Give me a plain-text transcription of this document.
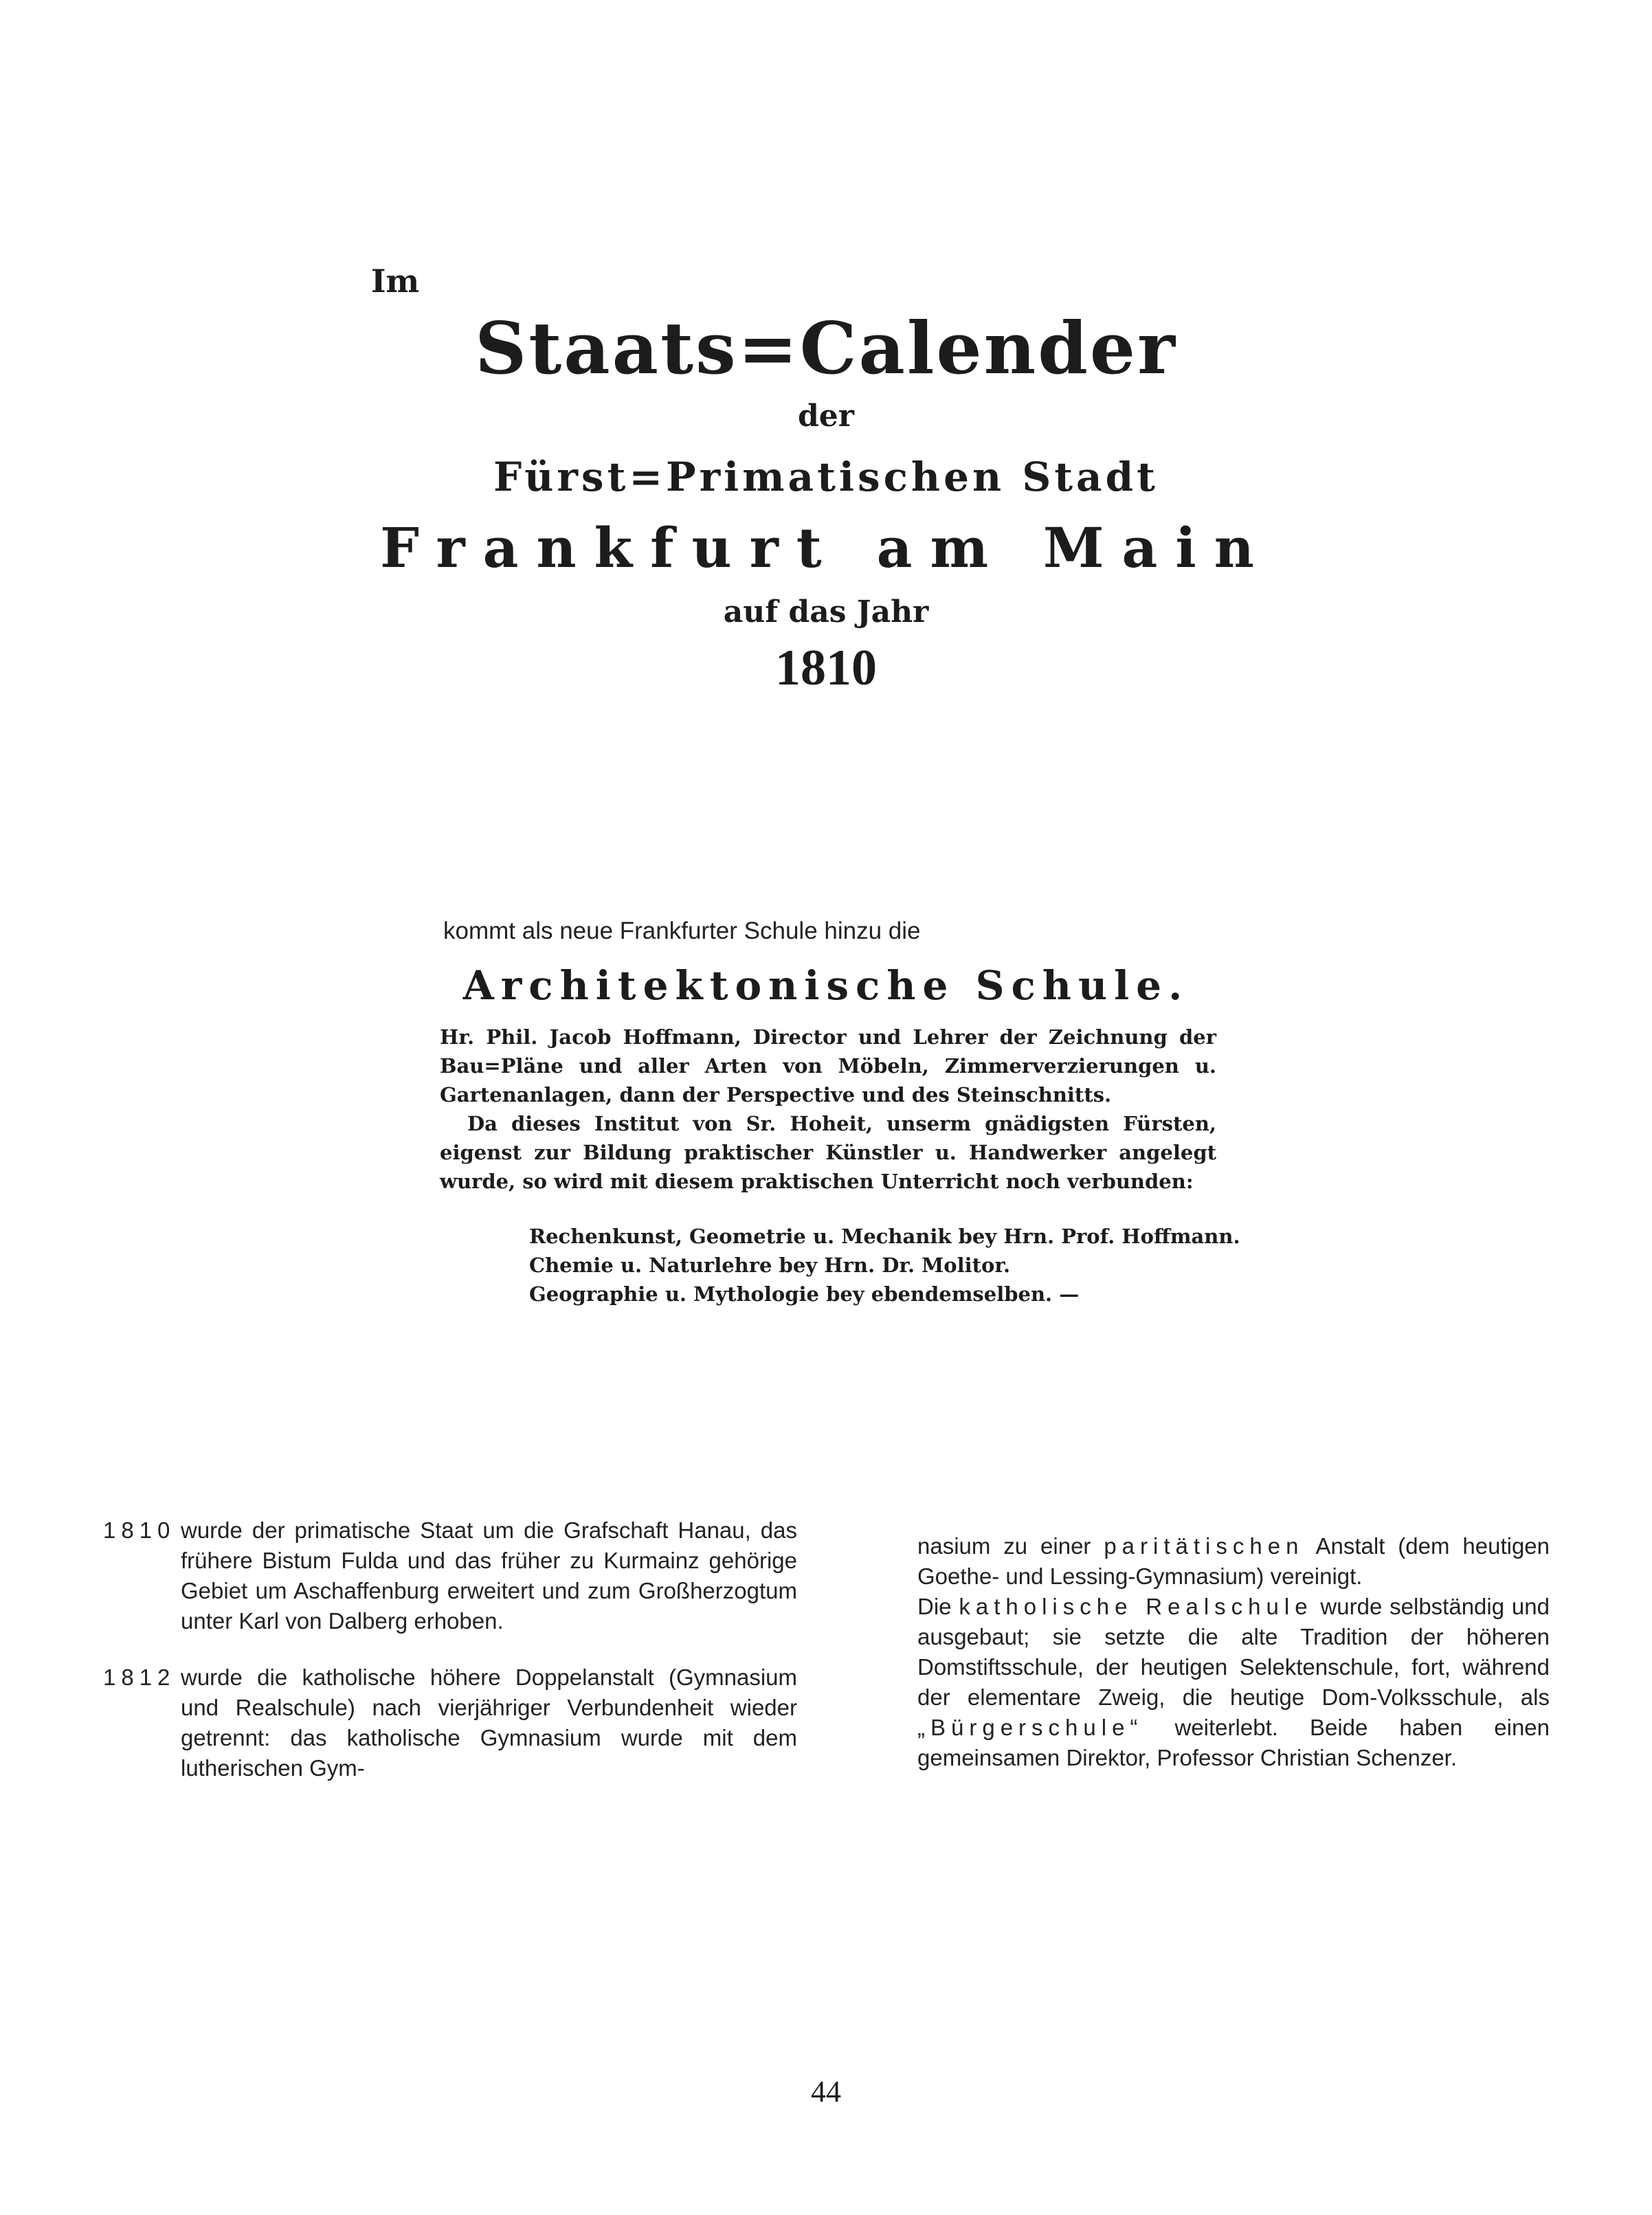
Im
Staats=Calender
der
Fürst=Primatischen Stadt
Frankfurt am Main
auf das Jahr
1810
kommt als neue Frankfurter Schule hinzu die
Architektonische Schule.

Hr. Phil. Jacob Hoffmann, Director und Lehrer der Zeichnung der Bau=Pläne und aller Arten von Möbeln, Zimmerverzierungen u. Gartenanlagen, dann der Perspective und des Steinschnitts.

Da dieses Institut von Sr. Hoheit, unserm gnädigsten Fürsten, eigenst zur Bildung praktischer Künstler u. Handwerker angelegt wurde, so wird mit diesem praktischen Unterricht noch verbunden:

Rechenkunst, Geometrie u. Mechanik bey Hrn. Prof. Hoffmann.
Chemie u. Naturlehre bey Hrn. Dr. Molitor.
Geographie u. Mythologie bey ebendemselben. —
1810 wurde der primatische Staat um die Grafschaft Hanau, das frühere Bistum Fulda und das früher zu Kurmainz gehörige Gebiet um Aschaffenburg erweitert und zum Großherzogtum unter Karl von Dalberg erhoben.
1812 wurde die katholische höhere Doppelanstalt (Gymnasium und Realschule) nach vierjähriger Verbundenheit wieder getrennt: das katholische Gymnasium wurde mit dem lutherischen Gym-

nasium zu einer paritätischen Anstalt (dem heutigen Goethe- und Lessing-Gymnasium) vereinigt.

Die katholische Realschule wurde selbständig und ausgebaut; sie setzte die alte Tradition der höheren Domstiftsschule, der heutigen Selektenschule, fort, während der elementare Zweig, die heutige Dom-Volksschule, als „Bürgerschule“ weiterlebt. Beide haben einen gemeinsamen Direktor, Professor Christian Schenzer.

44
